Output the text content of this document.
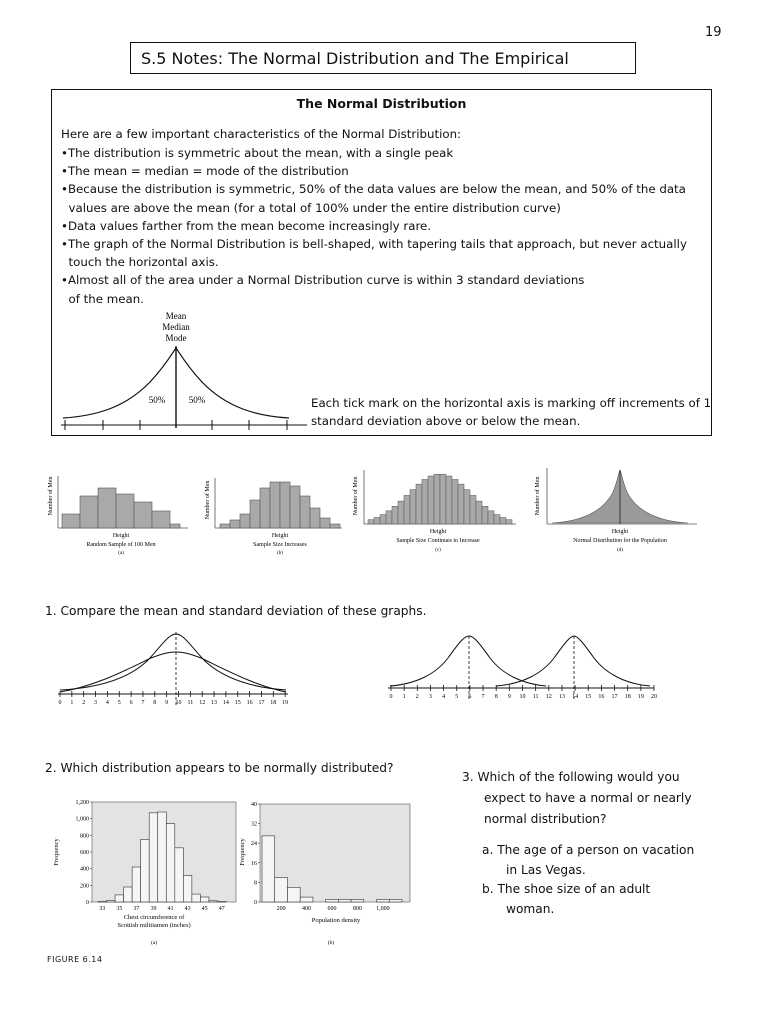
19
S.5 Notes: The Normal Distribution and The Empirical
The Normal Distribution
Here are a few important characteristics of the Normal Distribution:
•The distribution is symmetric about the mean, with a single peak
•The mean = median = mode of the distribution
•Because the distribution is symmetric, 50% of the data values are below the mean, and 50% of the data
values are above the mean (for a total of 100% under the entire distribution curve)
•Data values farther from the mean become increasingly rare.
•The graph of the Normal Distribution is bell-shaped, with tapering tails that approach, but never actually
touch the horizontal axis.
•Almost all of the area under a Normal Distribution curve is within 3 standard deviations
of the mean.
Mean
Median
Mode
50%	50%	Each tick mark on the horizontal axis is marking off increments of 1
standard deviation above or below the mean.
Number of Men
Height
Random Sample of 100 Men
(a)
Number of Men
Height
Sample Size Increases
(b)
Number of Men
Height
Sample Size Continues to Increase
(c)
Number of Men
Height
Normal Distribution for the Population
(d)
1. Compare the mean and standard deviation of these graphs.
0 1 2 3 4 5 6 7 8 9 10 11 12 13 14 15 16 17 18 19
0 1 2 3 4 5 6 7 8 9 10 11 12 13 14 15 16 17 18 19 20
2. Which distribution appears to be normally distributed?
3. Which of the following would you
expect to have a normal or nearly
normal distribution?
a. The age of a person on vacation
in Las Vegas.
b. The shoe size of an adult
woman.
0
200
400
600
800
1,000
1,200
33 35 37 39 41 43 45 47
Frequency
Chest circumference of
Scottish militiamen (inches)
(a)
0
8
16
24
32
40
200	400	600	800 1,000
Frequency
Population density
(b)
FIGURE 6.14
